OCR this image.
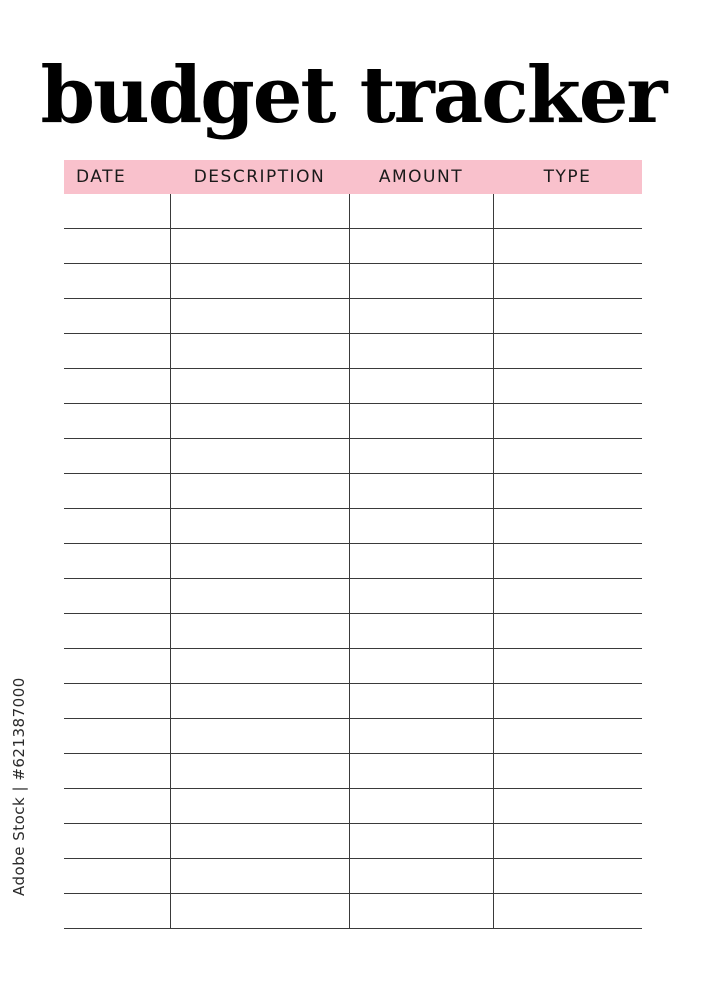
budget tracker
DATE	DESCRIPTION	AMOUNT	TYPE

Adobe Stock | #621387000
